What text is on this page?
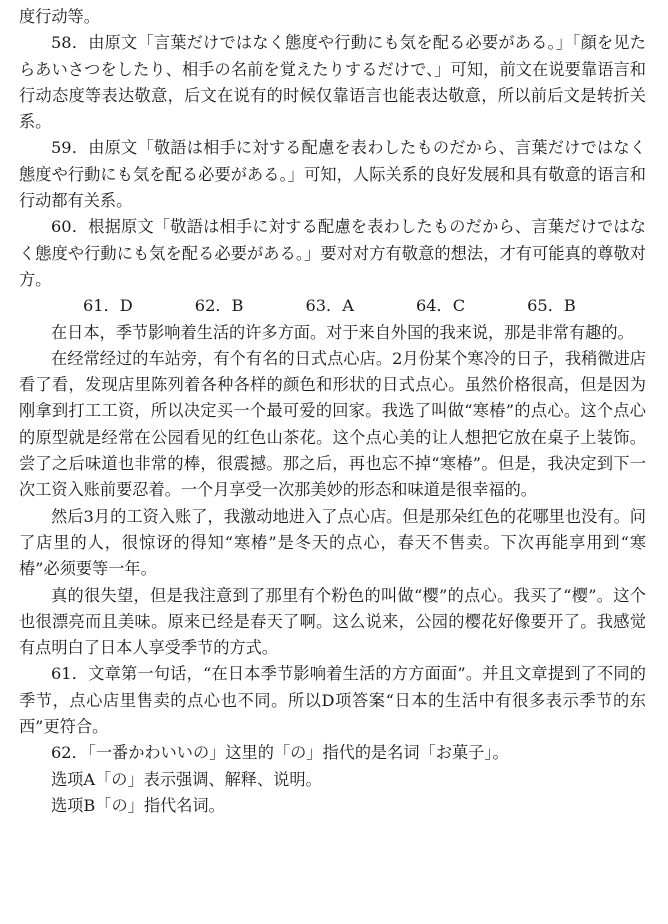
度行动等。

58．由原文「言葉だけではなく態度や行動にも気を配る必要がある。」「顔を见たらあいさつをしたり、相手の名前を覚えたりするだけで、」可知，前文在说要靠语言和行动态度等表达敬意，后文在说有的时候仅靠语言也能表达敬意，所以前后文是转折关系。

59．由原文「敬語は相手に対する配慮を表わしたものだから、言葉だけではなく態度や行動にも気を配る必要がある。」可知，人际关系的良好发展和具有敬意的语言和行动都有关系。

60．根据原文「敬語は相手に対する配慮を表わしたものだから、言葉だけではなく態度や行動にも気を配る必要がある。」要对对方有敬意的想法，才有可能真的尊敬对方。

61．D	62．B	63．A	64．C	65．B

在日本，季节影响着生活的许多方面。对于来自外国的我来说，那是非常有趣的。

在经常经过的车站旁，有个有名的日式点心店。2月份某个寒冷的日子，我稍微进店看了看，发现店里陈列着各种各样的颜色和形状的日式点心。虽然价格很高，但是因为刚拿到打工工资，所以决定买一个最可爱的回家。我选了叫做“寒椿”的点心。这个点心的原型就是经常在公园看见的红色山茶花。这个点心美的让人想把它放在桌子上装饰。尝了之后味道也非常的棒，很震撼。那之后，再也忘不掉“寒椿”。但是，我决定到下一次工资入账前要忍着。一个月享受一次那美妙的形态和味道是很幸福的。

然后3月的工资入账了，我激动地进入了点心店。但是那朵红色的花哪里也没有。问了店里的人，很惊讶的得知“寒椿”是冬天的点心，春天不售卖。下次再能享用到“寒椿”必须要等一年。

真的很失望，但是我注意到了那里有个粉色的叫做“樱”的点心。我买了“樱”。这个也很漂亮而且美味。原来已经是春天了啊。这么说来，公园的樱花好像要开了。我感觉有点明白了日本人享受季节的方式。

61．文章第一句话，“在日本季节影响着生活的方方面面”。并且文章提到了不同的季节，点心店里售卖的点心也不同。所以D项答案“日本的生活中有很多表示季节的东西”更符合。

62．「一番かわいいの」这里的「の」指代的是名词「お菓子」。

选项A「の」表示强调、解释、说明。

选项B「の」指代名词。
